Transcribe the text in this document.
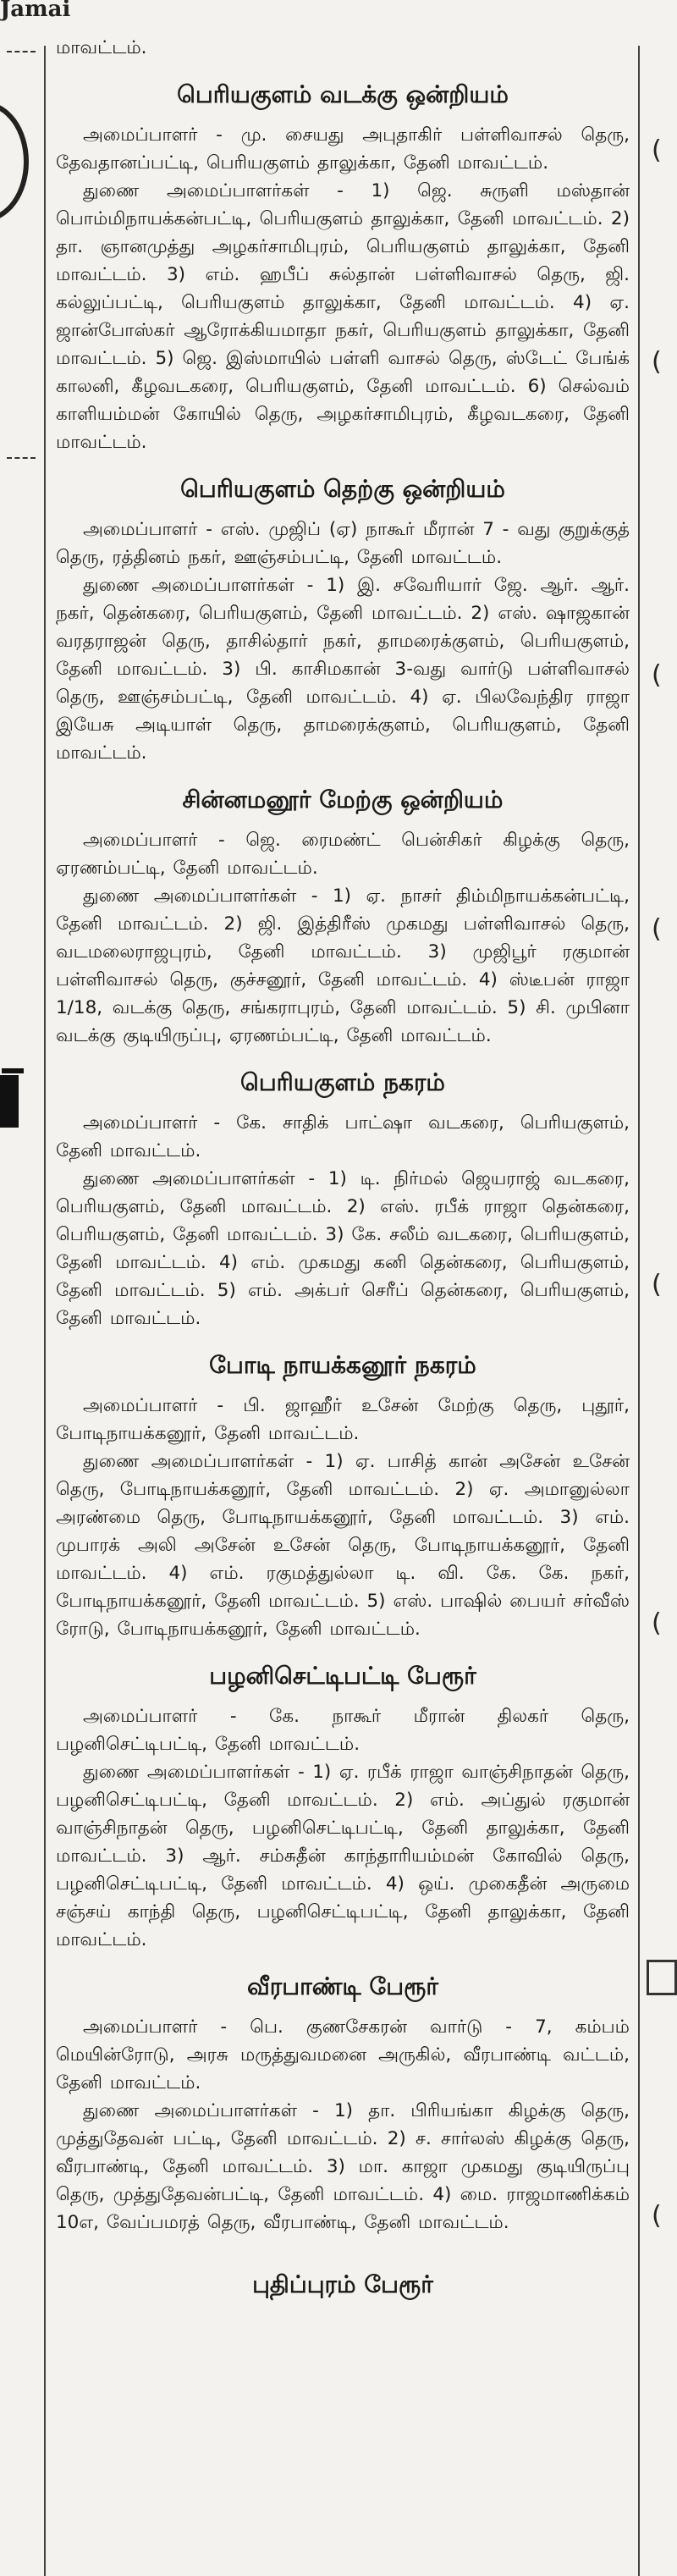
Jamai
(
(
(
(
(
(
(

மாவட்டம்.

பெரியகுளம் வடக்கு ஒன்றியம்

அமைப்பாளர் - மு. சையது அபுதாகிர் பள்ளிவாசல் தெரு, தேவதானப்பட்டி, பெரியகுளம் தாலுக்கா, தேனி மாவட்டம்.

துணை அமைப்பாளர்கள் - 1) ஜெ. சுருளி மஸ்தான் பொம்மிநாயக்கன்பட்டி, பெரியகுளம் தாலுக்கா, தேனி மாவட்டம். 2) தா. ஞானமுத்து அழகர்சாமிபுரம், பெரியகுளம் தாலுக்கா, தேனி மாவட்டம். 3) எம். ஹபீப் சுல்தான் பள்ளிவாசல் தெரு, ஜி. கல்லுப்பட்டி, பெரியகுளம் தாலுக்கா, தேனி மாவட்டம். 4) ஏ. ஜான்போஸ்கர் ஆரோக்கியமாதா நகர், பெரியகுளம் தாலுக்கா, தேனி மாவட்டம். 5) ஜெ. இஸ்மாயில் பள்ளி வாசல் தெரு, ஸ்டேட் பேங்க் காலனி, கீழவடகரை, பெரியகுளம், தேனி மாவட்டம். 6) செல்வம் காளியம்மன் கோயில் தெரு, அழகர்சாமிபுரம், கீழவடகரை, தேனி மாவட்டம்.

பெரியகுளம் தெற்கு ஒன்றியம்

அமைப்பாளர் - எஸ். முஜிப் (ஏ) நாகூர் மீரான் 7 - வது குறுக்குத் தெரு, ரத்தினம் நகர், ஊஞ்சம்பட்டி, தேனி மாவட்டம்.

துணை அமைப்பாளர்கள் - 1) இ. சவேரியார் ஜே. ஆர். ஆர். நகர், தென்கரை, பெரியகுளம், தேனி மாவட்டம். 2) எஸ். ஷாஜகான் வரதராஜன் தெரு, தாசில்தார் நகர், தாமரைக்குளம், பெரியகுளம், தேனி மாவட்டம். 3) பி. காசிமகான் 3-வது வார்டு பள்ளிவாசல் தெரு, ஊஞ்சம்பட்டி, தேனி மாவட்டம். 4) ஏ. பிலவேந்திர ராஜா இயேசு அடியாள் தெரு, தாமரைக்குளம், பெரியகுளம், தேனி மாவட்டம்.

சின்னமனூர் மேற்கு ஒன்றியம்

அமைப்பாளர் - ஜெ. ரைமண்ட் பென்சிகர் கிழக்கு தெரு, ஏரணம்பட்டி, தேனி மாவட்டம்.

துணை அமைப்பாளர்கள் - 1) ஏ. நாசர் திம்மிநாயக்கன்பட்டி, தேனி மாவட்டம். 2) ஜி. இத்திரீஸ் முகமது பள்ளிவாசல் தெரு, வடமலைராஜபுரம், தேனி மாவட்டம். 3) முஜிபூர் ரகுமான் பள்ளிவாசல் தெரு, குச்சனூர், தேனி மாவட்டம். 4) ஸ்டீபன் ராஜா 1/18, வடக்கு தெரு, சங்கராபுரம், தேனி மாவட்டம். 5) சி. முபினா வடக்கு குடியிருப்பு, ஏரணம்பட்டி, தேனி மாவட்டம்.

பெரியகுளம் நகரம்

அமைப்பாளர் - கே. சாதிக் பாட்ஷா வடகரை, பெரியகுளம், தேனி மாவட்டம்.

துணை அமைப்பாளர்கள் - 1) டி. நிர்மல் ஜெயராஜ் வடகரை, பெரியகுளம், தேனி மாவட்டம். 2) எஸ். ரபீக் ராஜா தென்கரை, பெரியகுளம், தேனி மாவட்டம். 3) கே. சலீம் வடகரை, பெரியகுளம், தேனி மாவட்டம். 4) எம். முகமது கனி தென்கரை, பெரியகுளம், தேனி மாவட்டம். 5) எம். அக்பர் செரீப் தென்கரை, பெரியகுளம், தேனி மாவட்டம்.

போடி நாயக்கனூர் நகரம்

அமைப்பாளர் - பி. ஜாஹீர் உசேன் மேற்கு தெரு, புதூர், போடிநாயக்கனூர், தேனி மாவட்டம்.

துணை அமைப்பாளர்கள் - 1) ஏ. பாசித் கான் அசேன் உசேன் தெரு, போடிநாயக்கனூர், தேனி மாவட்டம். 2) ஏ. அமானுல்லா அரண்மை தெரு, போடிநாயக்கனூர், தேனி மாவட்டம். 3) எம். முபாரக் அலி அசேன் உசேன் தெரு, போடிநாயக்கனூர், தேனி மாவட்டம். 4) எம். ரகுமத்துல்லா டி. வி. கே. கே. நகர், போடிநாயக்கனூர், தேனி மாவட்டம். 5) எஸ். பாஷில் பையர் சர்வீஸ் ரோடு, போடிநாயக்கனூர், தேனி மாவட்டம்.

பழனிசெட்டிபட்டி பேரூர்

அமைப்பாளர் - கே. நாகூர் மீரான் திலகர் தெரு, பழனிசெட்டிபட்டி, தேனி மாவட்டம்.

துணை அமைப்பாளர்கள் - 1) ஏ. ரபீக் ராஜா வாஞ்சிநாதன் தெரு, பழனிசெட்டிபட்டி, தேனி மாவட்டம். 2) எம். அப்துல் ரகுமான் வாஞ்சிநாதன் தெரு, பழனிசெட்டிபட்டி, தேனி தாலுக்கா, தேனி மாவட்டம். 3) ஆர். சம்சுதீன் காந்தாரியம்மன் கோவில் தெரு, பழனிசெட்டிபட்டி, தேனி மாவட்டம். 4) ஒய். முகைதீன் அருமை சஞ்சய் காந்தி தெரு, பழனிசெட்டிபட்டி, தேனி தாலுக்கா, தேனி மாவட்டம்.

வீரபாண்டி பேரூர்

அமைப்பாளர் - பெ. குணசேகரன் வார்டு - 7, கம்பம் மெயின்ரோடு, அரசு மருத்துவமனை அருகில், வீரபாண்டி வட்டம், தேனி மாவட்டம்.

துணை அமைப்பாளர்கள் - 1) தா. பிரியங்கா கிழக்கு தெரு, முத்துதேவன் பட்டி, தேனி மாவட்டம். 2) ச. சார்லஸ் கிழக்கு தெரு, வீரபாண்டி, தேனி மாவட்டம். 3) மா. காஜா முகமது குடியிருப்பு தெரு, முத்துதேவன்பட்டி, தேனி மாவட்டம். 4) மை. ராஜமாணிக்கம் 10எ, வேப்பமரத் தெரு, வீரபாண்டி, தேனி மாவட்டம்.

புதிப்புரம் பேரூர்
